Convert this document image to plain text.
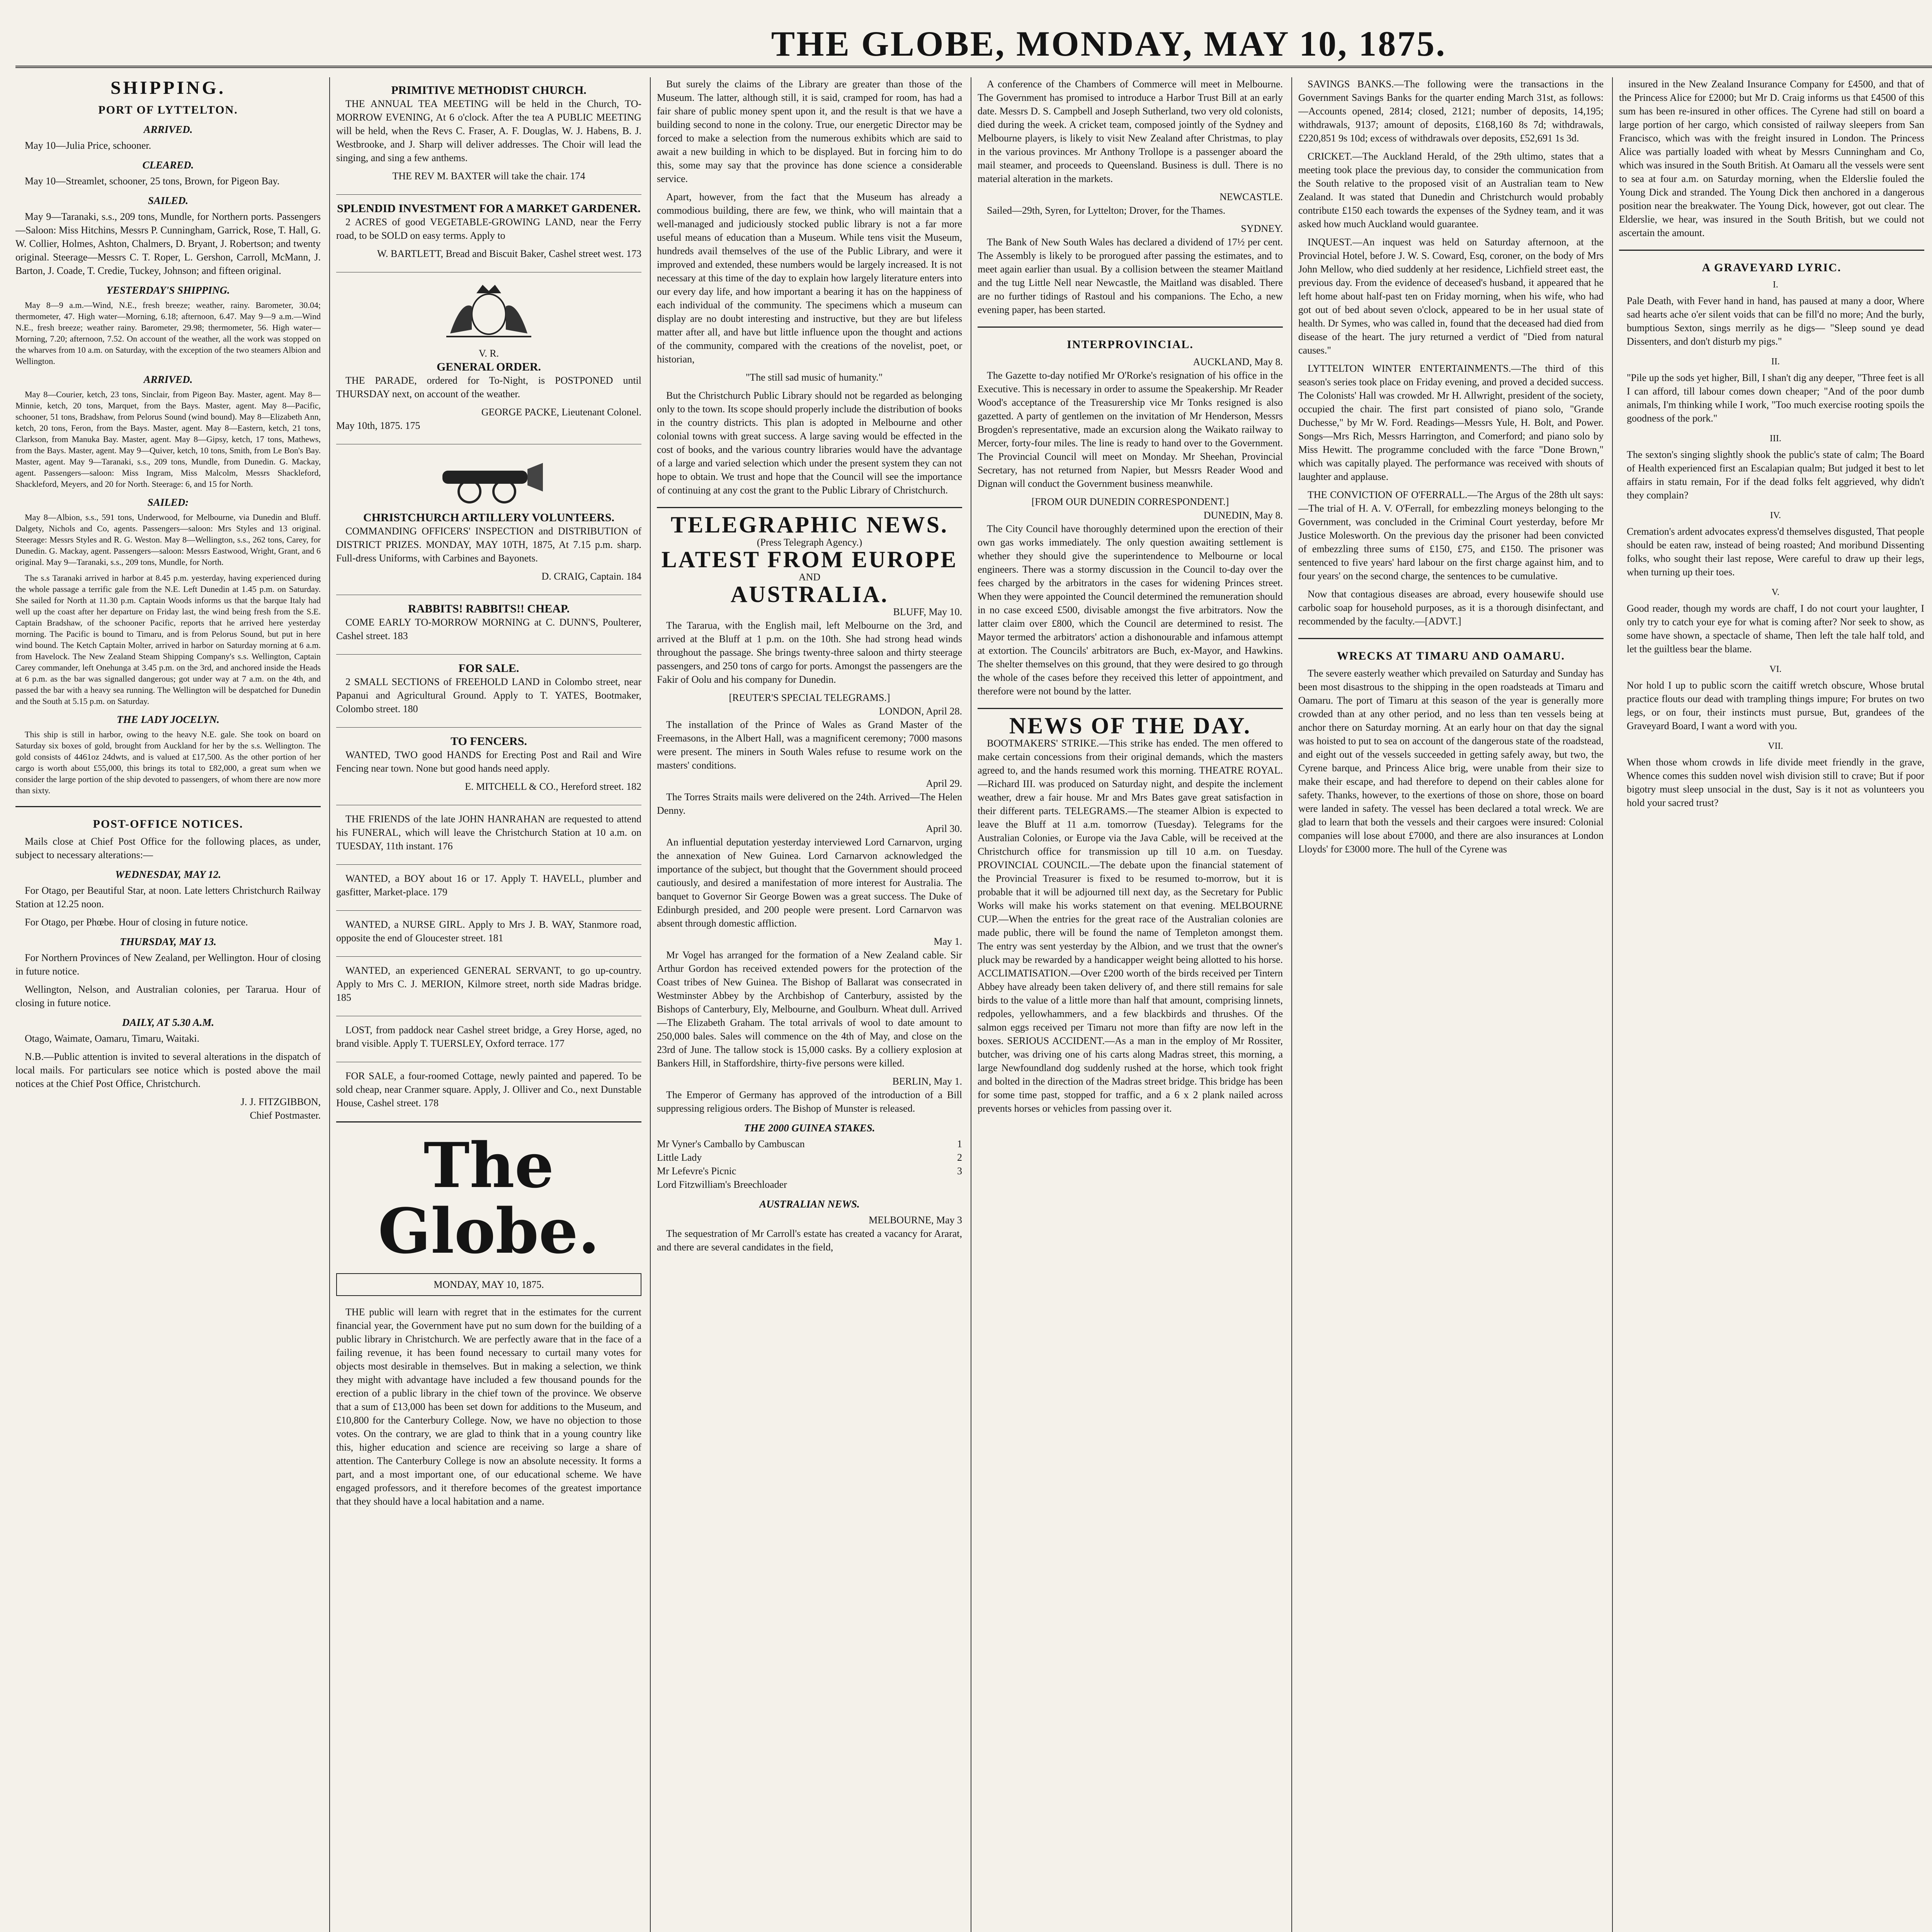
THE GLOBE, MONDAY, MAY 10, 1875.
SHIPPING.
PORT OF LYTTELTON.
ARRIVED.

May 10—Julia Price, schooner.

CLEARED.

May 10—Streamlet, schooner, 25 tons, Brown, for Pigeon Bay.

SAILED.

May 9—Taranaki, s.s., 209 tons, Mundle, for Northern ports. Passengers—Saloon: Miss Hitchins, Messrs P. Cunningham, Garrick, Rose, T. Hall, G. W. Collier, Holmes, Ashton, Chalmers, D. Bryant, J. Robertson; and twenty original. Steerage—Messrs C. T. Roper, L. Gershon, Carroll, McMann, J. Barton, J. Coade, T. Credie, Tuckey, Johnson; and fifteen original.

YESTERDAY'S SHIPPING.

May 8—9 a.m.—Wind, N.E., fresh breeze; weather, rainy. Barometer, 30.04; thermometer, 47. High water—Morning, 6.18; afternoon, 6.47. May 9—9 a.m.—Wind N.E., fresh breeze; weather rainy. Barometer, 29.98; thermometer, 56. High water—Morning, 7.20; afternoon, 7.52. On account of the weather, all the work was stopped on the wharves from 10 a.m. on Saturday, with the exception of the two steamers Albion and Wellington.

ARRIVED.

May 8—Courier, ketch, 23 tons, Sinclair, from Pigeon Bay. Master, agent. May 8—Minnie, ketch, 20 tons, Marquet, from the Bays. Master, agent. May 8—Pacific, schooner, 51 tons, Bradshaw, from Pelorus Sound (wind bound). May 8—Elizabeth Ann, ketch, 20 tons, Feron, from the Bays. Master, agent. May 8—Eastern, ketch, 21 tons, Clarkson, from Manuka Bay. Master, agent. May 8—Gipsy, ketch, 17 tons, Mathews, from the Bays. Master, agent. May 9—Quiver, ketch, 10 tons, Smith, from Le Bon's Bay. Master, agent. May 9—Taranaki, s.s., 209 tons, Mundle, from Dunedin. G. Mackay, agent. Passengers—saloon: Miss Ingram, Miss Malcolm, Messrs Shackleford, Shackleford, Meyers, and 20 for North. Steerage: 6, and 15 for North.

SAILED:

May 8—Albion, s.s., 591 tons, Underwood, for Melbourne, via Dunedin and Bluff. Dalgety, Nichols and Co, agents. Passengers—saloon: Mrs Styles and 13 original. Steerage: Messrs Styles and R. G. Weston. May 8—Wellington, s.s., 262 tons, Carey, for Dunedin. G. Mackay, agent. Passengers—saloon: Messrs Eastwood, Wright, Grant, and 6 original. May 9—Taranaki, s.s., 209 tons, Mundle, for North.

The s.s Taranaki arrived in harbor at 8.45 p.m. yesterday, having experienced during the whole passage a terrific gale from the N.E. Left Dunedin at 1.45 p.m. on Saturday. She sailed for North at 11.30 p.m. Captain Woods informs us that the barque Italy had well up the coast after her departure on Friday last, the wind being fresh from the S.E. Captain Bradshaw, of the schooner Pacific, reports that he arrived here yesterday morning. The Pacific is bound to Timaru, and is from Pelorus Sound, but put in here wind bound. The Ketch Captain Molter, arrived in harbor on Saturday morning at 6 a.m. from Havelock. The New Zealand Steam Shipping Company's s.s. Wellington, Captain Carey commander, left Onehunga at 3.45 p.m. on the 3rd, and anchored inside the Heads at 6 p.m. as the bar was signalled dangerous; got under way at 7 a.m. on the 4th, and passed the bar with a heavy sea running. The Wellington will be despatched for Dunedin and the South at 5.15 p.m. on Saturday.

THE LADY JOCELYN.

This ship is still in harbor, owing to the heavy N.E. gale. She took on board on Saturday six boxes of gold, brought from Auckland for her by the s.s. Wellington. The gold consists of 4461oz 24dwts, and is valued at £17,500. As the other portion of her cargo is worth about £55,000, this brings its total to £82,000, a great sum when we consider the large portion of the ship devoted to passengers, of whom there are now more than sixty.

POST-OFFICE NOTICES.

Mails close at Chief Post Office for the following places, as under, subject to necessary alterations:—

WEDNESDAY, MAY 12.

For Otago, per Beautiful Star, at noon. Late letters Christchurch Railway Station at 12.25 noon.

For Otago, per Phœbe. Hour of closing in future notice.

THURSDAY, MAY 13.

For Northern Provinces of New Zealand, per Wellington. Hour of closing in future notice.

Wellington, Nelson, and Australian colonies, per Tararua. Hour of closing in future notice.

DAILY, AT 5.30 A.M.

Otago, Waimate, Oamaru, Timaru, Waitaki.

N.B.—Public attention is invited to several alterations in the dispatch of local mails. For particulars see notice which is posted above the mail notices at the Chief Post Office, Christchurch.

J. J. FITZGIBBON,
Chief Postmaster.
PRIMITIVE METHODIST CHURCH.

THE ANNUAL TEA MEETING will be held in the Church, TO-MORROW EVENING, At 6 o'clock. After the tea A PUBLIC MEETING will be held, when the Revs C. Fraser, A. F. Douglas, W. J. Habens, B. J. Westbrooke, and J. Sharp will deliver addresses. The Choir will lead the singing, and sing a few anthems.

THE REV M. BAXTER will take the chair. 174
SPLENDID INVESTMENT FOR A MARKET GARDENER.

2 ACRES of good VEGETABLE-GROWING LAND, near the Ferry road, to be SOLD on easy terms. Apply to

W. BARTLETT, Bread and Biscuit Baker, Cashel street west. 173
V. R.
GENERAL ORDER.

THE PARADE, ordered for To-Night, is POSTPONED until THURSDAY next, on account of the weather.

GEORGE PACKE, Lieutenant Colonel.
May 10th, 1875. 175
CHRISTCHURCH ARTILLERY VOLUNTEERS.

COMMANDING OFFICERS' INSPECTION and DISTRIBUTION of DISTRICT PRIZES. MONDAY, MAY 10TH, 1875, At 7.15 p.m. sharp. Full-dress Uniforms, with Carbines and Bayonets.

D. CRAIG, Captain. 184
RABBITS! RABBITS!! CHEAP.

COME EARLY TO-MORROW MORNING at C. DUNN'S, Poulterer, Cashel street. 183

FOR SALE.

2 SMALL SECTIONS of FREEHOLD LAND in Colombo street, near Papanui and Agricultural Ground. Apply to T. YATES, Bootmaker, Colombo street. 180

TO FENCERS.

WANTED, TWO good HANDS for Erecting Post and Rail and Wire Fencing near town. None but good hands need apply.

E. MITCHELL & CO., Hereford street. 182

THE FRIENDS of the late JOHN HANRAHAN are requested to attend his FUNERAL, which will leave the Christchurch Station at 10 a.m. on TUESDAY, 11th instant. 176

WANTED, a BOY about 16 or 17. Apply T. HAVELL, plumber and gasfitter, Market-place. 179

WANTED, a NURSE GIRL. Apply to Mrs J. B. WAY, Stanmore road, opposite the end of Gloucester street. 181

WANTED, an experienced GENERAL SERVANT, to go up-country. Apply to Mrs C. J. MERION, Kilmore street, north side Madras bridge. 185

LOST, from paddock near Cashel street bridge, a Grey Horse, aged, no brand visible. Apply T. TUERSLEY, Oxford terrace. 177

FOR SALE, a four-roomed Cottage, newly painted and papered. To be sold cheap, near Cranmer square. Apply, J. Olliver and Co., next Dunstable House, Cashel street. 178

The Globe.
MONDAY, MAY 10, 1875.

THE public will learn with regret that in the estimates for the current financial year, the Government have put no sum down for the building of a public library in Christchurch. We are perfectly aware that in the face of a failing revenue, it has been found necessary to curtail many votes for objects most desirable in themselves. But in making a selection, we think they might with advantage have included a few thousand pounds for the erection of a public library in the chief town of the province. We observe that a sum of £13,000 has been set down for additions to the Museum, and £10,800 for the Canterbury College. Now, we have no objection to those votes. On the contrary, we are glad to think that in a young country like this, higher education and science are receiving so large a share of attention. The Canterbury College is now an absolute necessity. It forms a part, and a most important one, of our educational scheme. We have engaged professors, and it therefore becomes of the greatest importance that they should have a local habitation and a name.

But surely the claims of the Library are greater than those of the Museum. The latter, although still, it is said, cramped for room, has had a fair share of public money spent upon it, and the result is that we have a building second to none in the colony. True, our energetic Director may be forced to make a selection from the numerous exhibits which are said to await a new building in which to be displayed. But in forcing him to do this, some may say that the province has done science a considerable service.

Apart, however, from the fact that the Museum has already a commodious building, there are few, we think, who will maintain that a well-managed and judiciously stocked public library is not a far more useful means of education than a Museum. While tens visit the Museum, hundreds avail themselves of the use of the Public Library, and were it improved and extended, these numbers would be largely increased. It is not necessary at this time of the day to explain how largely literature enters into our every day life, and how important a bearing it has on the happiness of each individual of the community. The specimens which a museum can display are no doubt interesting and instructive, but they are but lifeless matter after all, and have but little influence upon the thought and actions of the community, compared with the creations of the novelist, poet, or historian,

"The still sad music of humanity."

But the Christchurch Public Library should not be regarded as belonging only to the town. Its scope should properly include the distribution of books in the country districts. This plan is adopted in Melbourne and other colonial towns with great success. A large saving would be effected in the cost of books, and the various country libraries would have the advantage of a large and varied selection which under the present system they can not hope to obtain. We trust and hope that the Council will see the importance of continuing at any cost the grant to the Public Library of Christchurch.

TELEGRAPHIC NEWS.
(Press Telegraph Agency.)
LATEST FROM EUROPE
AND
AUSTRALIA.
BLUFF, May 10.

The Tararua, with the English mail, left Melbourne on the 3rd, and arrived at the Bluff at 1 p.m. on the 10th. She had strong head winds throughout the passage. She brings twenty-three saloon and thirty steerage passengers, and 250 tons of cargo for ports. Amongst the passengers are the Fakir of Oolu and his company for Dunedin.

[REUTER'S SPECIAL TELEGRAMS.]
LONDON, April 28.

The installation of the Prince of Wales as Grand Master of the Freemasons, in the Albert Hall, was a magnificent ceremony; 7000 masons were present. The miners in South Wales refuse to resume work on the masters' conditions.

April 29.

The Torres Straits mails were delivered on the 24th. Arrived—The Helen Denny.

April 30.

An influential deputation yesterday interviewed Lord Carnarvon, urging the annexation of New Guinea. Lord Carnarvon acknowledged the importance of the subject, but thought that the Government should proceed cautiously, and desired a manifestation of more interest for Australia. The banquet to Governor Sir George Bowen was a great success. The Duke of Edinburgh presided, and 200 people were present. Lord Carnarvon was absent through domestic affliction.

May 1.

Mr Vogel has arranged for the formation of a New Zealand cable. Sir Arthur Gordon has received extended powers for the protection of the Coast tribes of New Guinea. The Bishop of Ballarat was consecrated in Westminster Abbey by the Archbishop of Canterbury, assisted by the Bishops of Canterbury, Ely, Melbourne, and Goulburn. Wheat dull. Arrived—The Elizabeth Graham. The total arrivals of wool to date amount to 250,000 bales. Sales will commence on the 4th of May, and close on the 23rd of June. The tallow stock is 15,000 casks. By a colliery explosion at Bankers Hill, in Staffordshire, thirty-five persons were killed.

BERLIN, May 1.

The Emperor of Germany has approved of the introduction of a Bill suppressing religious orders. The Bishop of Munster is released.

THE 2000 GUINEA STAKES.
Mr Vyner's Camballo by Cambuscan	1
Little Lady	2
Mr Lefevre's Picnic	3
Lord Fitzwilliam's Breechloader
AUSTRALIAN NEWS.
MELBOURNE, May 3

The sequestration of Mr Carroll's estate has created a vacancy for Ararat, and there are several candidates in the field,

A conference of the Chambers of Commerce will meet in Melbourne. The Government has promised to introduce a Harbor Trust Bill at an early date. Messrs D. S. Campbell and Joseph Sutherland, two very old colonists, died during the week. A cricket team, composed jointly of the Sydney and Melbourne players, is likely to visit New Zealand after Christmas, to play in the various provinces. Mr Anthony Trollope is a passenger aboard the mail steamer, and proceeds to Queensland. Business is dull. There is no material alteration in the markets.

NEWCASTLE.

Sailed—29th, Syren, for Lyttelton; Drover, for the Thames.

SYDNEY.

The Bank of New South Wales has declared a dividend of 17½ per cent. The Assembly is likely to be prorogued after passing the estimates, and to meet again earlier than usual. By a collision between the steamer Maitland and the tug Little Nell near Newcastle, the Maitland was disabled. There are no further tidings of Rastoul and his companions. The Echo, a new evening paper, has been started.

INTERPROVINCIAL.
AUCKLAND, May 8.

The Gazette to-day notified Mr O'Rorke's resignation of his office in the Executive. This is necessary in order to assume the Speakership. Mr Reader Wood's acceptance of the Treasurership vice Mr Tonks resigned is also gazetted. A party of gentlemen on the invitation of Mr Henderson, Messrs Brogden's representative, made an excursion along the Waikato railway to Mercer, forty-four miles. The line is ready to hand over to the Government. The Provincial Council will meet on Monday. Mr Sheehan, Provincial Secretary, has not returned from Napier, but Messrs Reader Wood and Dignan will conduct the Government business meanwhile.

[FROM OUR DUNEDIN CORRESPONDENT.]
DUNEDIN, May 8.

The City Council have thoroughly determined upon the erection of their own gas works immediately. The only question awaiting settlement is whether they should give the superintendence to Melbourne or local engineers. There was a stormy discussion in the Council to-day over the fees charged by the arbitrators in the cases for widening Princes street. When they were appointed the Council determined the remuneration should in no case exceed £500, divisable amongst the five arbitrators. Now the latter claim over £800, which the Council are determined to resist. The Mayor termed the arbitrators' action a dishonourable and infamous attempt at extortion. The Councils' arbitrators are Buch, ex-Mayor, and Hawkins. The shelter themselves on this ground, that they were desired to go through the whole of the cases before they received this letter of appointment, and therefore were not bound by the latter.

NEWS OF THE DAY.

BOOTMAKERS' STRIKE.—This strike has ended. The men offered to make certain concessions from their original demands, which the masters agreed to, and the hands resumed work this morning. THEATRE ROYAL.—Richard III. was produced on Saturday night, and despite the inclement weather, drew a fair house. Mr and Mrs Bates gave great satisfaction in their different parts. TELEGRAMS.—The steamer Albion is expected to leave the Bluff at 11 a.m. tomorrow (Tuesday). Telegrams for the Australian Colonies, or Europe via the Java Cable, will be received at the Christchurch office for transmission up till 10 a.m. on Tuesday. PROVINCIAL COUNCIL.—The debate upon the financial statement of the Provincial Treasurer is fixed to be resumed to-morrow, but it is probable that it will be adjourned till next day, as the Secretary for Public Works will make his works statement on that evening. MELBOURNE CUP.—When the entries for the great race of the Australian colonies are made public, there will be found the name of Templeton amongst them. The entry was sent yesterday by the Albion, and we trust that the owner's pluck may be rewarded by a handicapper weight being allotted to his horse. ACCLIMATISATION.—Over £200 worth of the birds received per Tintern Abbey have already been taken delivery of, and there still remains for sale birds to the value of a little more than half that amount, comprising linnets, redpoles, yellowhammers, and a few blackbirds and thrushes. Of the salmon eggs received per Timaru not more than fifty are now left in the boxes. SERIOUS ACCIDENT.—As a man in the employ of Mr Rossiter, butcher, was driving one of his carts along Madras street, this morning, a large Newfoundland dog suddenly rushed at the horse, which took fright and bolted in the direction of the Madras street bridge. This bridge has been for some time past, stopped for traffic, and a 6 x 2 plank nailed across prevents horses or vehicles from passing over it.

SAVINGS BANKS.—The following were the transactions in the Government Savings Banks for the quarter ending March 31st, as follows:—Accounts opened, 2814; closed, 2121; number of deposits, 14,195; withdrawals, 9137; amount of deposits, £168,160 8s 7d; withdrawals, £220,851 9s 10d; excess of withdrawals over deposits, £52,691 1s 3d.

CRICKET.—The Auckland Herald, of the 29th ultimo, states that a meeting took place the previous day, to consider the communication from the South relative to the proposed visit of an Australian team to New Zealand. It was stated that Dunedin and Christchurch would probably contribute £150 each towards the expenses of the Sydney team, and it was asked how much Auckland would guarantee.

INQUEST.—An inquest was held on Saturday afternoon, at the Provincial Hotel, before J. W. S. Coward, Esq, coroner, on the body of Mrs John Mellow, who died suddenly at her residence, Lichfield street east, the previous day. From the evidence of deceased's husband, it appeared that he left home about half-past ten on Friday morning, when his wife, who had got out of bed about seven o'clock, appeared to be in her usual state of health. Dr Symes, who was called in, found that the deceased had died from disease of the heart. The jury returned a verdict of "Died from natural causes."

LYTTELTON WINTER ENTERTAINMENTS.—The third of this season's series took place on Friday evening, and proved a decided success. The Colonists' Hall was crowded. Mr H. Allwright, president of the society, occupied the chair. The first part consisted of piano solo, "Grande Duchesse," by Mr W. Ford. Readings—Messrs Yule, H. Bolt, and Power. Songs—Mrs Rich, Messrs Harrington, and Comerford; and piano solo by Miss Hewitt. The programme concluded with the farce "Done Brown," which was capitally played. The performance was received with shouts of laughter and applause.

THE CONVICTION OF O'FERRALL.—The Argus of the 28th ult says:—The trial of H. A. V. O'Ferrall, for embezzling moneys belonging to the Government, was concluded in the Criminal Court yesterday, before Mr Justice Molesworth. On the previous day the prisoner had been convicted of embezzling three sums of £150, £75, and £150. The prisoner was sentenced to five years' hard labour on the first charge against him, and to four years' on the second charge, the sentences to be cumulative.

Now that contagious diseases are abroad, every housewife should use carbolic soap for household purposes, as it is a thorough disinfectant, and recommended by the faculty.—[ADVT.]

WRECKS AT TIMARU AND OAMARU.

The severe easterly weather which prevailed on Saturday and Sunday has been most disastrous to the shipping in the open roadsteads at Timaru and Oamaru. The port of Timaru at this season of the year is generally more crowded than at any other period, and no less than ten vessels being at anchor there on Saturday morning. At an early hour on that day the signal was hoisted to put to sea on account of the dangerous state of the roadstead, and eight out of the vessels succeeded in getting safely away, but two, the Cyrene barque, and Princess Alice brig, were unable from their size to make their escape, and had therefore to depend on their cables alone for safety. Thanks, however, to the exertions of those on shore, those on board were landed in safety. The vessel has been declared a total wreck. We are glad to learn that both the vessels and their cargoes were insured: Colonial companies will lose about £7000, and there are also insurances at London Lloyds' for £3000 more. The hull of the Cyrene was

insured in the New Zealand Insurance Company for £4500, and that of the Princess Alice for £2000; but Mr D. Craig informs us that £4500 of this sum has been re-insured in other offices. The Cyrene had still on board a large portion of her cargo, which consisted of railway sleepers from San Francisco, which was with the freight insured in London. The Princess Alice was partially loaded with wheat by Messrs Cunningham and Co, which was insured in the South British. At Oamaru all the vessels were sent to sea at four a.m. on Saturday morning, when the Elderslie fouled the Young Dick and stranded. The Young Dick then anchored in a dangerous position near the breakwater. The Young Dick, however, got out clear. The Elderslie, we hear, was insured in the South British, but we could not ascertain the amount.

A GRAVEYARD LYRIC.
I.
Pale Death, with Fever hand in hand, has paused at many a door, Where sad hearts ache o'er silent voids that can be fill'd no more; And the burly, bumptious Sexton, sings merrily as he digs— "Sleep sound ye dead Dissenters, and don't disturb my pigs."
II.
"Pile up the sods yet higher, Bill, I shan't dig any deeper, "Three feet is all I can afford, till labour comes down cheaper; "And of the poor dumb animals, I'm thinking while I work, "Too much exercise rooting spoils the goodness of the pork."
III.
The sexton's singing slightly shook the public's state of calm; The Board of Health experienced first an Escalapian qualm; But judged it best to let affairs in statu remain, For if the dead folks felt aggrieved, why didn't they complain?
IV.
Cremation's ardent advocates express'd themselves disgusted, That people should be eaten raw, instead of being roasted; And moribund Dissenting folks, who sought their last repose, Were careful to draw up their legs, when turning up their toes.
V.
Good reader, though my words are chaff, I do not court your laughter, I only try to catch your eye for what is coming after? Nor seek to show, as some have shown, a spectacle of shame, Then left the tale half told, and let the guiltless bear the blame.
VI.
Nor hold I up to public scorn the caitiff wretch obscure, Whose brutal practice flouts our dead with trampling things impure; For brutes on two legs, or on four, their instincts must pursue, But, grandees of the Graveyard Board, I want a word with you.
VII.
When those whom crowds in life divide meet friendly in the grave, Whence comes this sudden novel wish division still to crave; But if poor bigotry must sleep unsocial in the dust, Say is it not as volunteers you hold your sacred trust?
